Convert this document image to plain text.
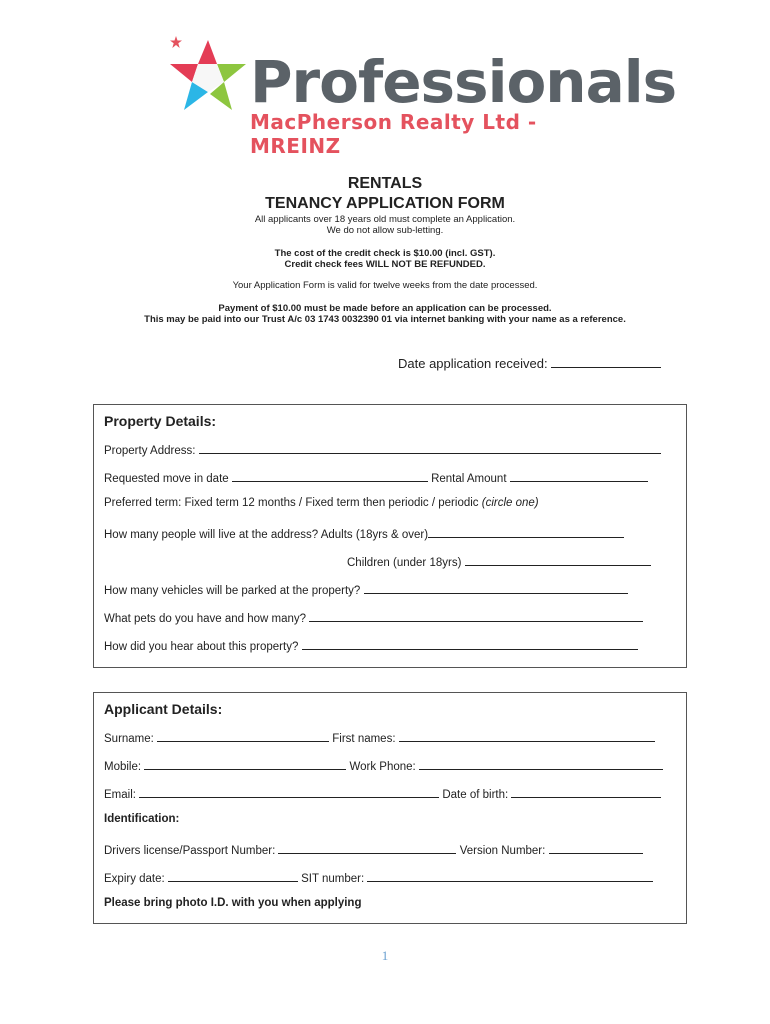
Professionals
MacPherson Realty Ltd - MREINZ
RENTALS
TENANCY APPLICATION FORM
All applicants over 18 years old must complete an Application.
We do not allow sub-letting.
The cost of the credit check is $10.00 (incl. GST).
Credit check fees WILL NOT BE REFUNDED.
Your Application Form is valid for twelve weeks from the date processed.
Payment of $10.00 must be made before an application can be processed.
This may be paid into our Trust A/c 03 1743 0032390 01 via internet banking with your name as a reference.
Date application received:
Property Details:
Property Address:
Requested move in date	Rental Amount
Preferred term: Fixed term 12 months / Fixed term then periodic / periodic (circle one)
How many people will live at the address? Adults (18yrs & over)
Children (under 18yrs)
How many vehicles will be parked at the property?
What pets do you have and how many?
How did you hear about this property?
Applicant Details:
Surname:	First names:
Mobile:	Work Phone:
Email:	Date of birth:
Identification:
Drivers license/Passport Number:	Version Number:
Expiry date:	SIT number:
Please bring photo I.D. with you when applying
1
